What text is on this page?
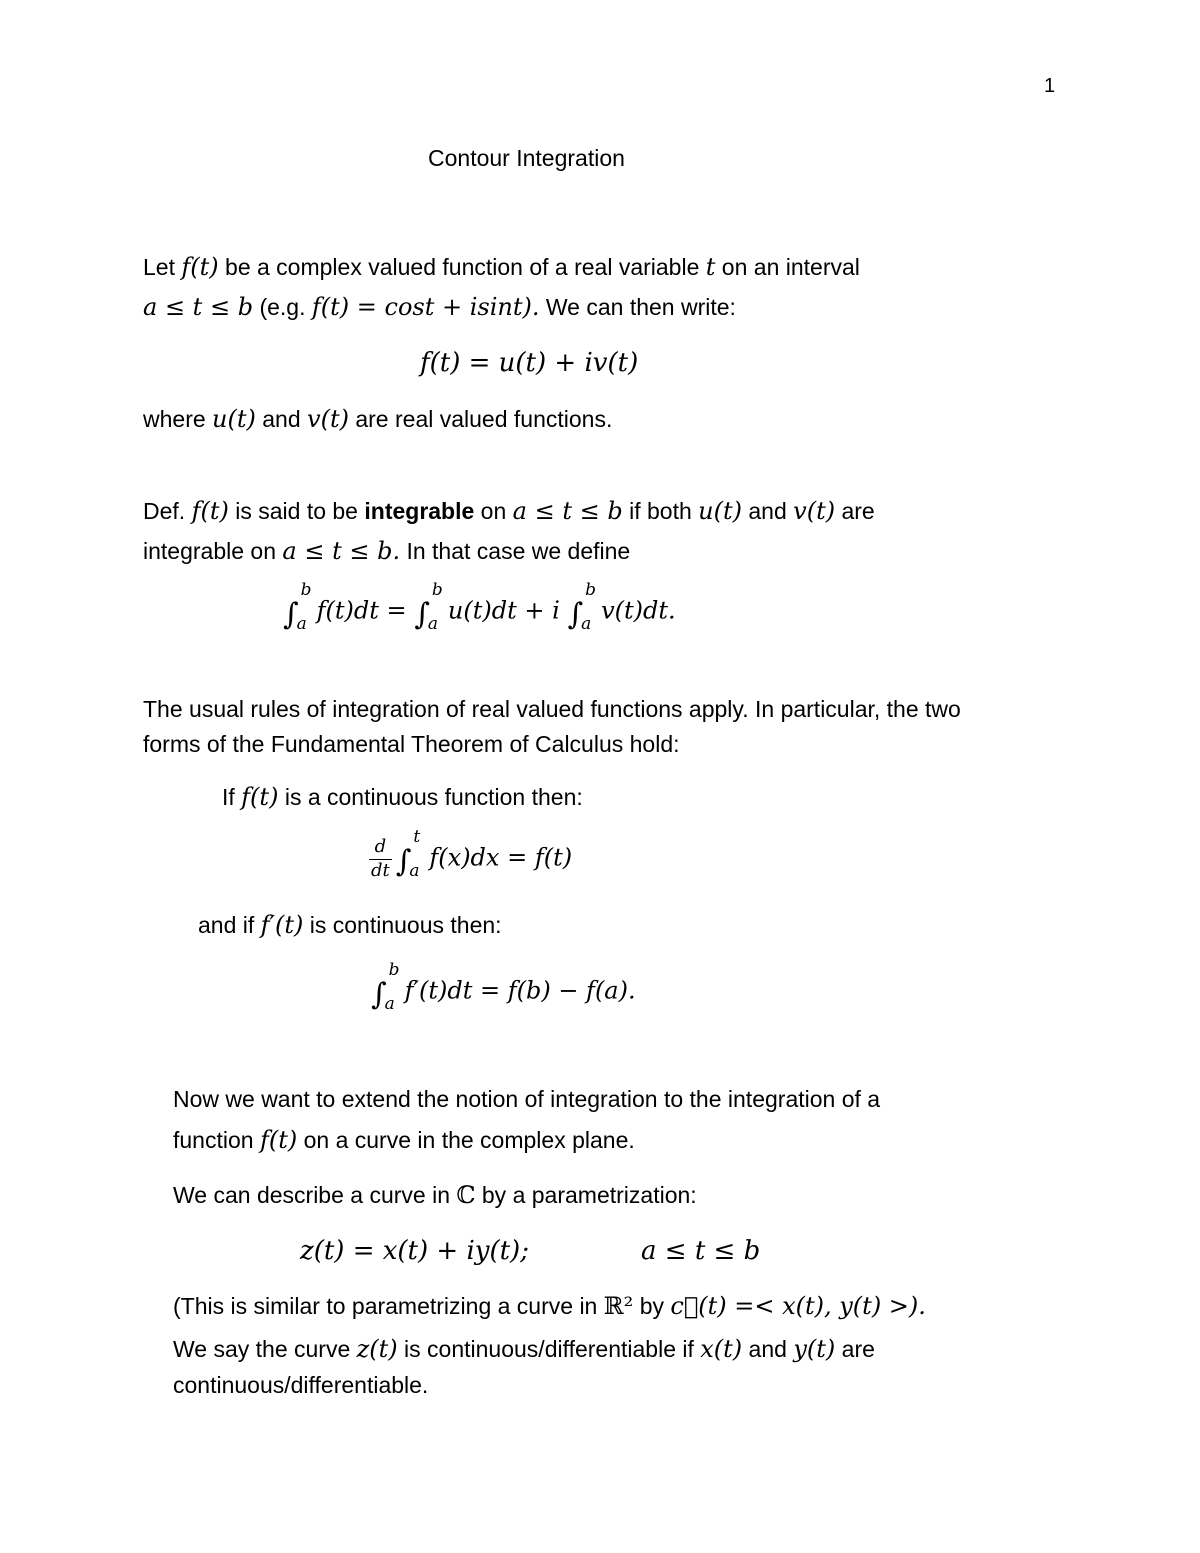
1
Contour Integration
Let f(t) be a complex valued function of a real variable t on an interval
a ≤ t ≤ b (e.g. f(t) = cost + isint). We can then write:
f(t) = u(t) + iv(t)
where u(t) and v(t) are real valued functions.
Def. f(t) is said to be integrable on a ≤ t ≤ b if both u(t) and v(t) are
integrable on a ≤ t ≤ b. In that case we define
∫
b
a f(t)dt = ∫
b
a u(t)dt + i ∫
b
a v(t)dt.
The usual rules of integration of real valued functions apply. In particular, the two
forms of the Fundamental Theorem of Calculus hold:
If f(t) is a continuous function then:
$\frac{d}{dt}$ ∫
t
a f(x)dx = f(t)
and if f′(t) is continuous then:
∫
b
a f′(t)dt = f(b) − f(a).
Now we want to extend the notion of integration to the integration of a
function f(t) on a curve in the complex plane.
We can describe a curve in ℂ by a parametrization:
z(t) = x(t) + iy(t);	a ≤ t ≤ b
(This is similar to parametrizing a curve in ℝ² by c⃗(t) =< x(t), y(t) >).
We say the curve z(t) is continuous/differentiable if x(t) and y(t) are
continuous/differentiable.
